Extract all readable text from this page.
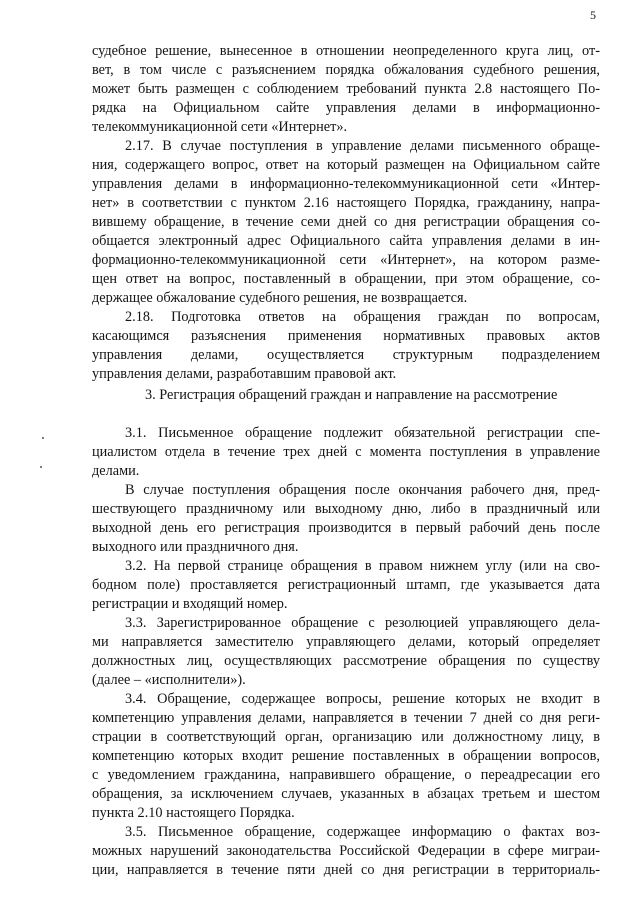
5
судебное решение, вынесенное в отношении неопределенного круга лиц, от-
вет, в том числе с разъяснением порядка обжалования судебного решения,
может быть размещен с соблюдением требований пункта 2.8 настоящего По-
рядка на Официальном сайте управления делами в информационно-
телекоммуникационной сети «Интернет».
2.17. В случае поступления в управление делами письменного обраще-
ния, содержащего вопрос, ответ на который размещен на Официальном сайте
управления делами в информационно-телекоммуникационной сети «Интер-
нет» в соответствии с пунктом 2.16 настоящего Порядка, гражданину, напра-
вившему обращение, в течение семи дней со дня регистрации обращения со-
общается электронный адрес Официального сайта управления делами в ин-
формационно-телекоммуникационной сети «Интернет», на котором разме-
щен ответ на вопрос, поставленный в обращении, при этом обращение, со-
держащее обжалование судебного решения, не возвращается.
2.18. Подготовка ответов на обращения граждан по вопросам,
касающимся разъяснения применения нормативных правовых актов
3. Регистрация обращений граждан и направление на рассмотрение
3.1. Письменное обращение подлежит обязательной регистрации спе-
циалистом отдела в течение трех дней с момента поступления в управление
делами.
В случае поступления обращения после окончания рабочего дня, пред-
шествующего праздничному или выходному дню, либо в праздничный или
выходной день его регистрация производится в первый рабочий день после
выходного или праздничного дня.
3.2. На первой странице обращения в правом нижнем углу (или на сво-
бодном поле) проставляется регистрационный штамп, где указывается дата
регистрации и входящий номер.
3.3. Зарегистрированное обращение с резолюцией управляющего дела-
ми направляется заместителю управляющего делами, который определяет
должностных лиц, осуществляющих рассмотрение обращения по существу
(далее – «исполнители»).
3.4. Обращение, содержащее вопросы, решение которых не входит в
компетенцию управления делами, направляется в течении 7 дней со дня реги-
страции в соответствующий орган, организацию или должностному лицу, в
компетенцию которых входит решение поставленных в обращении вопросов,
с уведомлением гражданина, направившего обращение, о переадресации его
обращения, за исключением случаев, указанных в абзацах третьем и шестом
пункта 2.10 настоящего Порядка.
3.5. Письменное обращение, содержащее информацию о фактах воз-
можных нарушений законодательства Российской Федерации в сфере миграи-
ции, направляется в течение пяти дней со дня регистрации в территориаль-
управления делами, осуществляется структурным подразделением
управления делами, разработавшим правовой акт.
